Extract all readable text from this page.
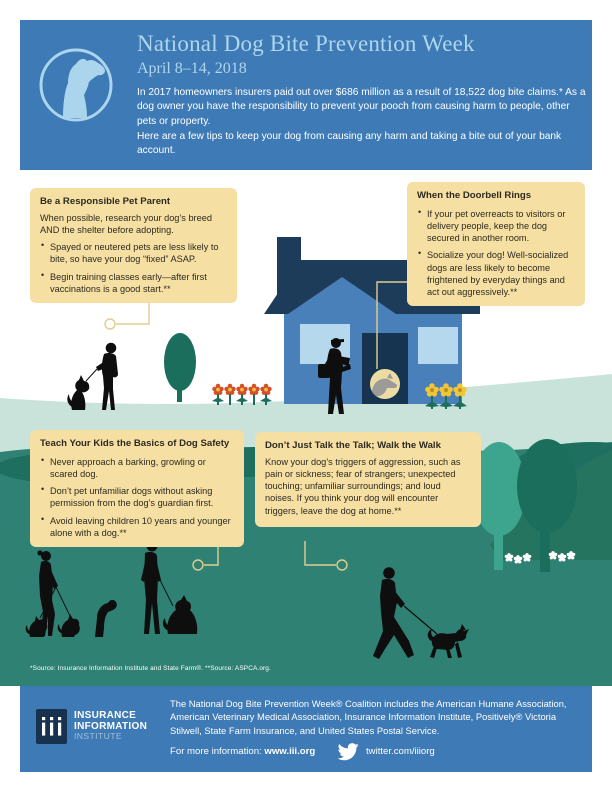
National Dog Bite Prevention Week
April 8–14, 2018
In 2017 homeowners insurers paid out over $686 million as a result of 18,522 dog bite claims.* As a dog owner you have the responsibility to prevent your pooch from causing harm to people, other pets or property.
Here are a few tips to keep your dog from causing any harm and taking a bite out of your bank account.
Be a Responsible Pet Parent
When possible, research your dog’s breed AND the shelter before adopting.
• Spayed or neutered pets are less likely to bite, so have your dog “fixed” ASAP.
• Begin training classes early—after first vaccinations is a good start.**
When the Doorbell Rings
• If your pet overreacts to visitors or delivery people, keep the dog secured in another room.
• Socialize your dog! Well-socialized dogs are less likely to become frightened by everyday things and act out aggressively.**
Teach Your Kids the Basics of Dog Safety
• Never approach a barking, growling or scared dog.
• Don’t pet unfamiliar dogs without asking permission from the dog’s guardian first.
• Avoid leaving children 10 years and younger alone with a dog.**
Don’t Just Talk the Talk; Walk the Walk
Know your dog’s triggers of aggression, such as pain or sickness; fear of strangers; unexpected touching; unfamiliar surroundings; and loud noises. If you think your dog will encounter triggers, leave the dog at home.**
*Source: Insurance Information Institute and State Farm®. **Source: ASPCA.org.
INSURANCE
INFORMATION
INSTITUTE
The National Dog Bite Prevention Week® Coalition includes the American Humane Association, American Veterinary Medical Association, Insurance Information Institute, Positively® Victoria Stilwell, State Farm Insurance, and United States Postal Service.
For more information: www.iii.org	twitter.com/iiiorg
